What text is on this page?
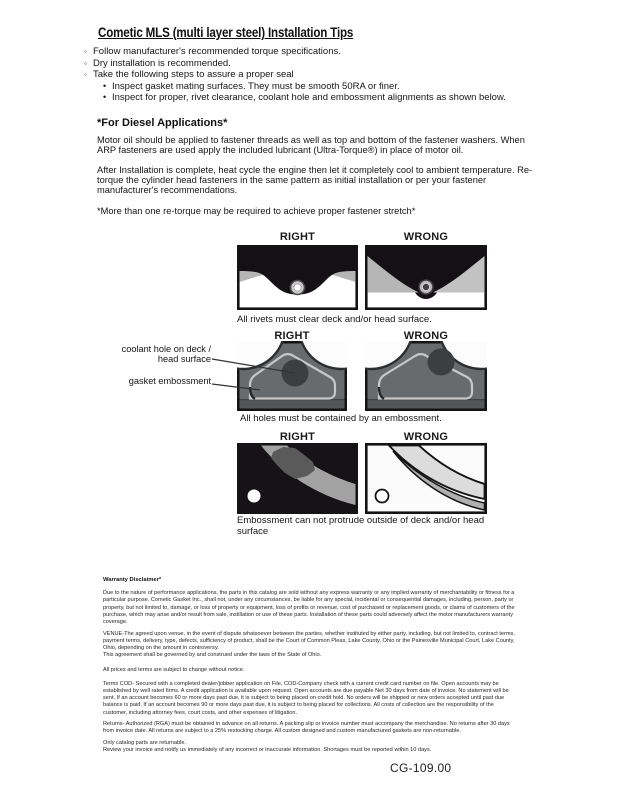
Cometic MLS (multi layer steel) Installation Tips
◦ Follow manufacturer's recommended torque specifications.
◦ Dry installation is recommended.
◦ Take the following steps to assure a proper seal
• Inspect gasket mating surfaces. They must be smooth 50RA or finer.
• Inspect for proper, rivet clearance, coolant hole and embossment alignments as shown below.
*For Diesel Applications*
Motor oil should be applied to fastener threads as well as top and bottom of the fastener washers. When ARP fasteners are used apply the included lubricant (Ultra-Torque®) in place of motor oil.
After Installation is complete, heat cycle the engine then let it completely cool to ambient temperature. Re-torque the cylinder head fasteners in the same pattern as initial installation or per your fastener manufacturer's recommendations.
*More than one re-torque may be required to achieve proper fastener stretch*
RIGHT	WRONG
All rivets must clear deck and/or head surface.
RIGHT	WRONG
coolant hole on deck / head surface
gasket embossment
All holes must be contained by an embossment.
RIGHT	WRONG
Embossment can not protrude outside of deck and/or head surface

Warranty Disclaimer*

Due to the nature of performance applications, the parts in this catalog are sold without any express warranty or any implied warranty of merchantability or fitness for a particular purpose. Cometic Gasket Inc., shall not, under any circumstances, be liable for any special, incidental or consequential damages, including, person, party or property, but not limited to, damage, or loss of property or equipment, loss of profits or revenue, cost of purchased or replacement goods, or claims of customers of the purchase, which may arise and/or result from sale, instillation or use of these parts. Installation of these parts could adversely affect the motor manufacturers warranty coverage.

VENUE-The agreed upon venue, in the event of dispute whatsoever between the parties, whether instituted by either party, including, but not limited to, contract terms, payment terms, delivery, type, defects, sufficiency of product, shall be the Court of Common Pleas, Lake County, Ohio or the Painesville Municipal Court, Lake County, Ohio, depending on the amount in controversy.

This agreement shall be governed by and construed under the laws of the State of Ohio.

All prices and terms are subject to change without notice.

Terms COD- Secured with a completed dealer/jobber application on File, COD-Company check with a current credit card number on file. Open accounts may be established by well rated firms. A credit application is available upon request. Open accounts are due payable Net 30 days from date of invoice. No statement will be sent. If an account becomes 60 or more days past due, it is subject to being placed on credit hold. No orders will be shipped or new orders accepted until past due balance is paid. If an account becomes 90 or more days past due, it is subject to being placed for collections. All costs of collection are the responsibility of the customer, including attorney fees, court costs, and other expenses of litigation.

Returns- Authorized (RGA) must be obtained in advance on all returns. A packing slip or invoice number must accompany the merchandise. No returns after 30 days from invoice date. All returns are subject to a 25% restocking charge. All custom designed and custom manufactured gaskets are non-returnable.

Only catalog parts are returnable.

Review your invoice and notify us immediately of any incorrect or inaccurate information. Shortages must be reported within 10 days.

CG-109.00
